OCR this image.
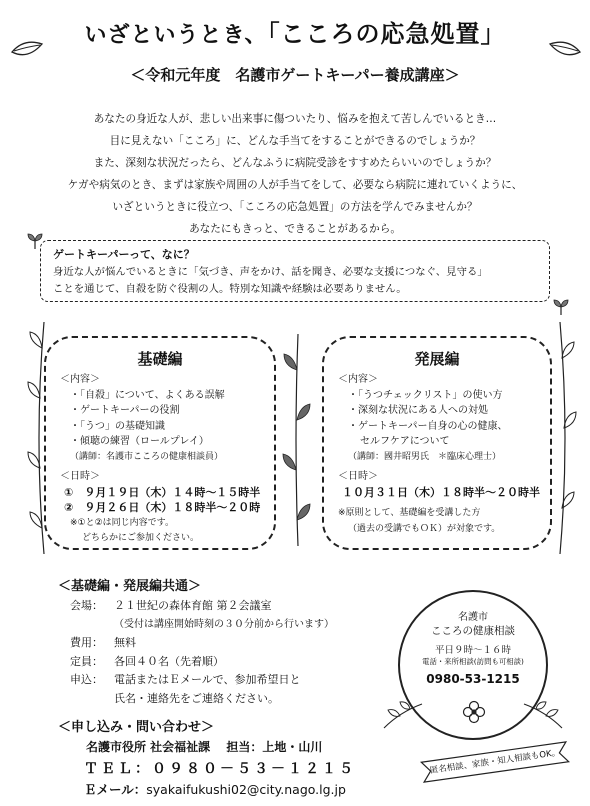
いざというとき、「こころの応急処置」
＜令和元年度　名護市ゲートキーパー養成講座＞
あなたの身近な人が、悲しい出来事に傷ついたり、悩みを抱えて苦しんでいるとき…
目に見えない「こころ」に、どんな手当てをすることができるのでしょうか？
また、深刻な状況だったら、どんなふうに病院受診をすすめたらいいのでしょうか？
ケガや病気のとき、まずは家族や周囲の人が手当てをして、必要なら病院に連れていくように、
いざというときに役立つ、「こころの応急処置」の方法を学んでみませんか？
あなたにもきっと、できることがあるから。
ゲートキーパーって、なに？
身近な人が悩んでいるときに「気づき、声をかけ、話を聞き、必要な支援につなぐ、見守る」
ことを通じて、自殺を防ぐ役割の人。特別な知識や経験は必要ありません。
基礎編
＜内容＞
・「自殺」について、よくある誤解
・ゲートキーパーの役割
・「うつ」の基礎知識
・傾聴の練習（ロールプレイ）
（講師：名護市こころの健康相談員）
＜日時＞
①　９月１９日（木）１４時～１５時半
②　９月２６日（木）１８時半～２０時
※①と②は同じ内容です。
どちらかにご参加ください。
発展編
＜内容＞
・「うつチェックリスト」の使い方
・深刻な状況にある人への対処
・ゲートキーパー自身の心の健康、
セルフケアについて
（講師：國井昭男氏　＊臨床心理士）
＜日時＞
１０月３１日（木）１８時半～２０時半
※原則として、基礎編を受講した方
（過去の受講でもＯＫ）が対象です。
＜基礎編・発展編共通＞
会場： ２１世紀の森体育館 第２会議室
（受付は講座開始時刻の３０分前から行います）
費用： 無料
定員： 各回４０名（先着順）
申込： 電話またはＥメールで、参加希望日と
氏名・連絡先をご連絡ください。
＜申し込み・問い合わせ＞
名護市役所 社会福祉課　 担当：上地・山川
ＴＥＬ：０９８０－５３－１２１５
Ｅメール：syakaifukushi02@city.nago.lg.jp
名護市
こころの健康相談
平日９時～１６時
電話・来所相談(訪問も可相談)
0980-53-1215
匿名相談、家族・知人相談もOK。
